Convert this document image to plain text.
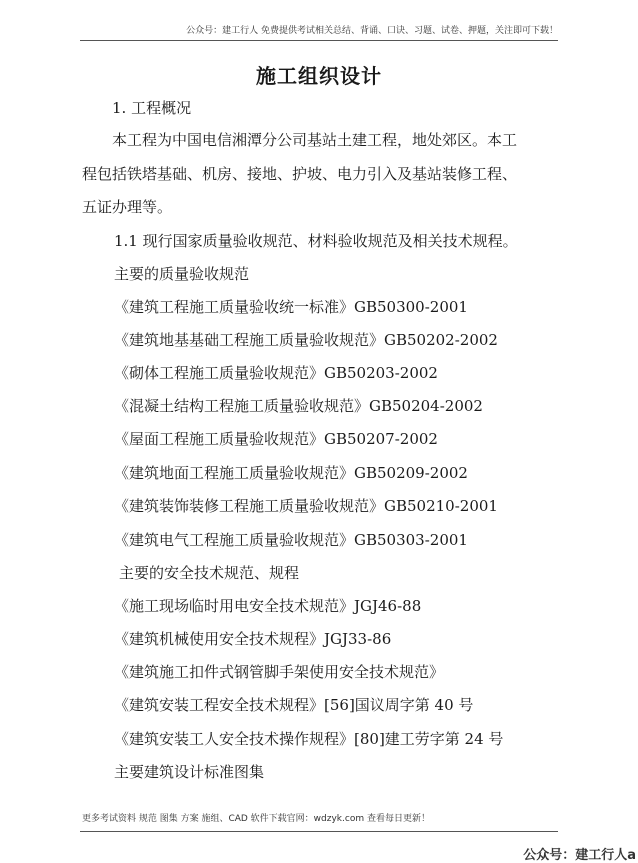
公众号：建工行人 免费提供考试相关总结、背诵、口诀、习题、试卷、押题，关注即可下载！
施工组织设计
1. 工程概况
本工程为中国电信湘潭分公司基站土建工程，地处郊区。本工
程包括铁塔基础、机房、接地、护坡、电力引入及基站装修工程、
五证办理等。
1.1 现行国家质量验收规范、材料验收规范及相关技术规程。
主要的质量验收规范
《建筑工程施工质量验收统一标准》GB50300-2001
《建筑地基基础工程施工质量验收规范》GB50202-2002
《砌体工程施工质量验收规范》GB50203-2002
《混凝土结构工程施工质量验收规范》GB50204-2002
《屋面工程施工质量验收规范》GB50207-2002
《建筑地面工程施工质量验收规范》GB50209-2002
《建筑装饰装修工程施工质量验收规范》GB50210-2001
《建筑电气工程施工质量验收规范》GB50303-2001
主要的安全技术规范、规程
《施工现场临时用电安全技术规范》JGJ46-88
《建筑机械使用安全技术规程》JGJ33-86
《建筑施工扣件式钢管脚手架使用安全技术规范》
《建筑安装工程安全技术规程》[56]国议周字第 40 号
《建筑安装工人安全技术操作规程》[80]建工劳字第 24 号
主要建筑设计标准图集
更多考试资料 规范 图集 方案 施组、CAD 软件下载官网：wdzyk.com 查看每日更新！
公众号：建工行人a
